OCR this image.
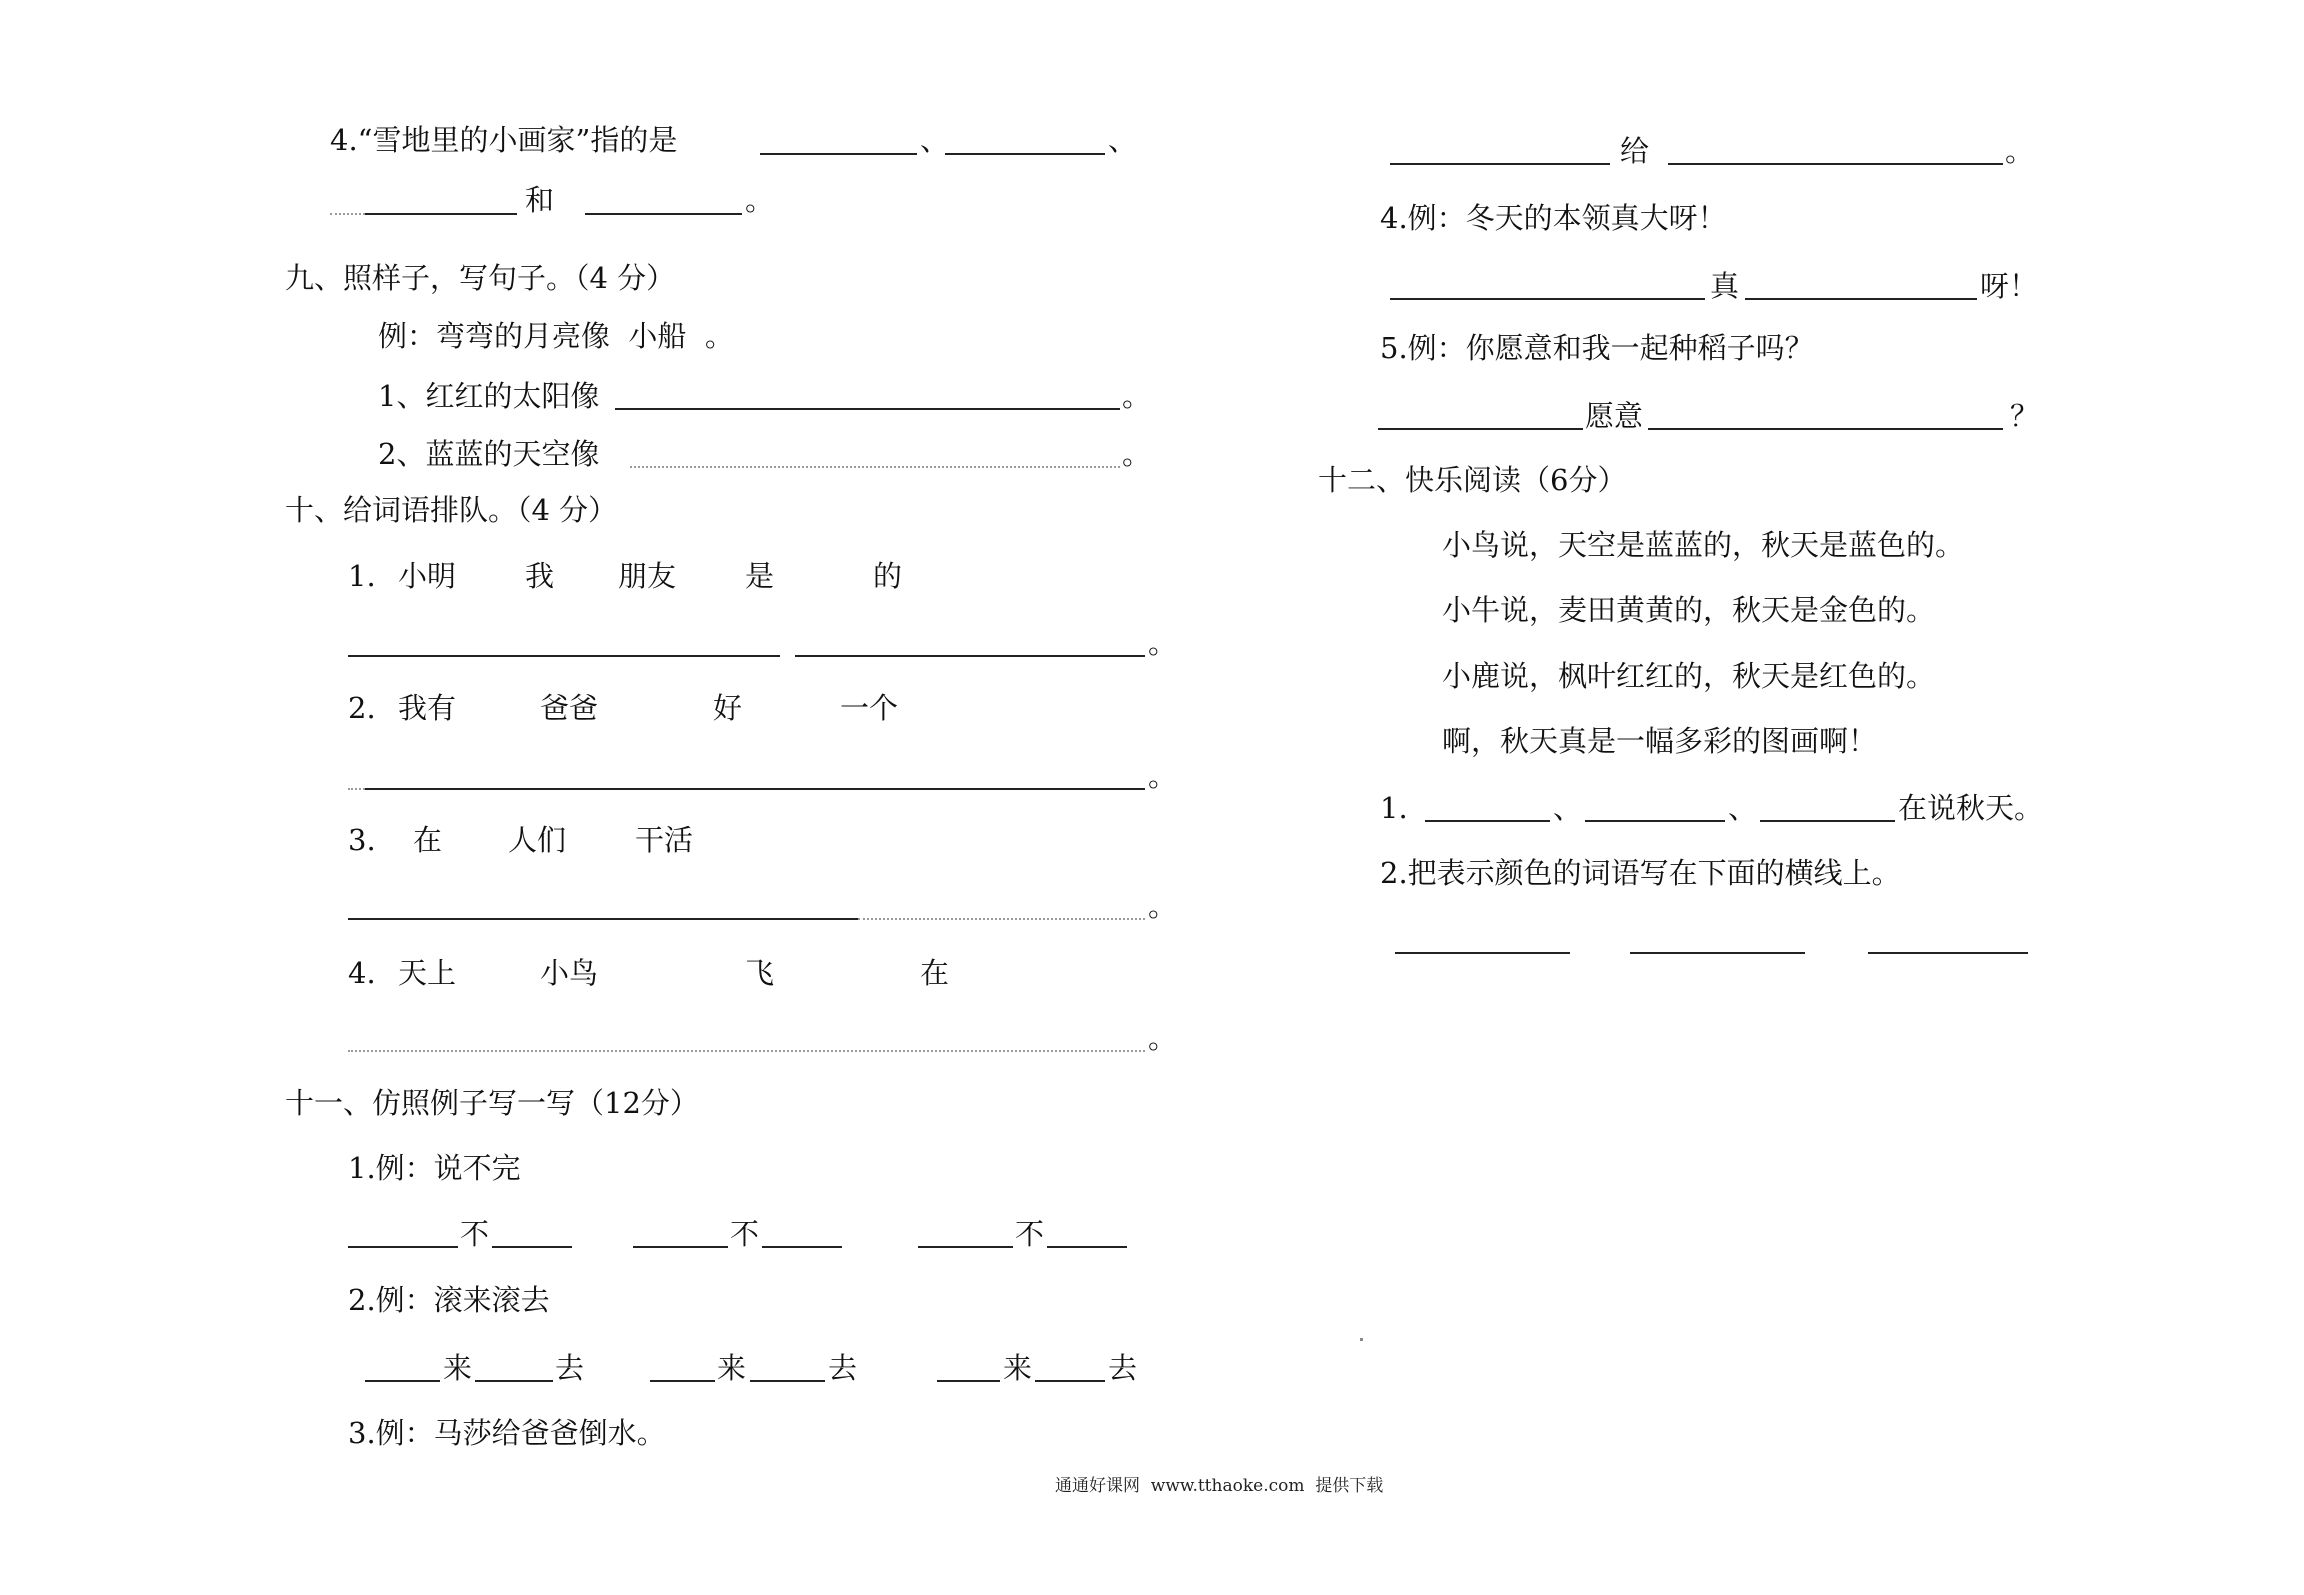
4.“雪地里的小画家”指的是	、	、
和	。
九、照样子，写句子。（4 分）
例：弯弯的月亮像  小船  。
1、红红的太阳像	。
2、蓝蓝的天空像	。
十、给词语排队。（4 分）
1. 小明 我 朋友 是	的
。
2. 我有	爸爸	好	一个
。
3. 在 人们 干活
。
4. 天上	小鸟	飞	在
。
十一、仿照例子写一写（12分）
1.例：说不完
不	不	不
2.例：滚来滚去
来	去	来	去	来	去
3.例：马莎给爸爸倒水。
给	。
4.例：冬天的本领真大呀！
真	呀！
5.例：你愿意和我一起种稻子吗？
愿意	？
十二、快乐阅读（6分）
小鸟说，天空是蓝蓝的，秋天是蓝色的。
小牛说，麦田黄黄的，秋天是金色的。
小鹿说，枫叶红红的，秋天是红色的。
啊，秋天真是一幅多彩的图画啊！
1.	、	、	在说秋天。
2.把表示颜色的词语写在下面的横线上。
通通好课网  www.tthaoke.com  提供下载
